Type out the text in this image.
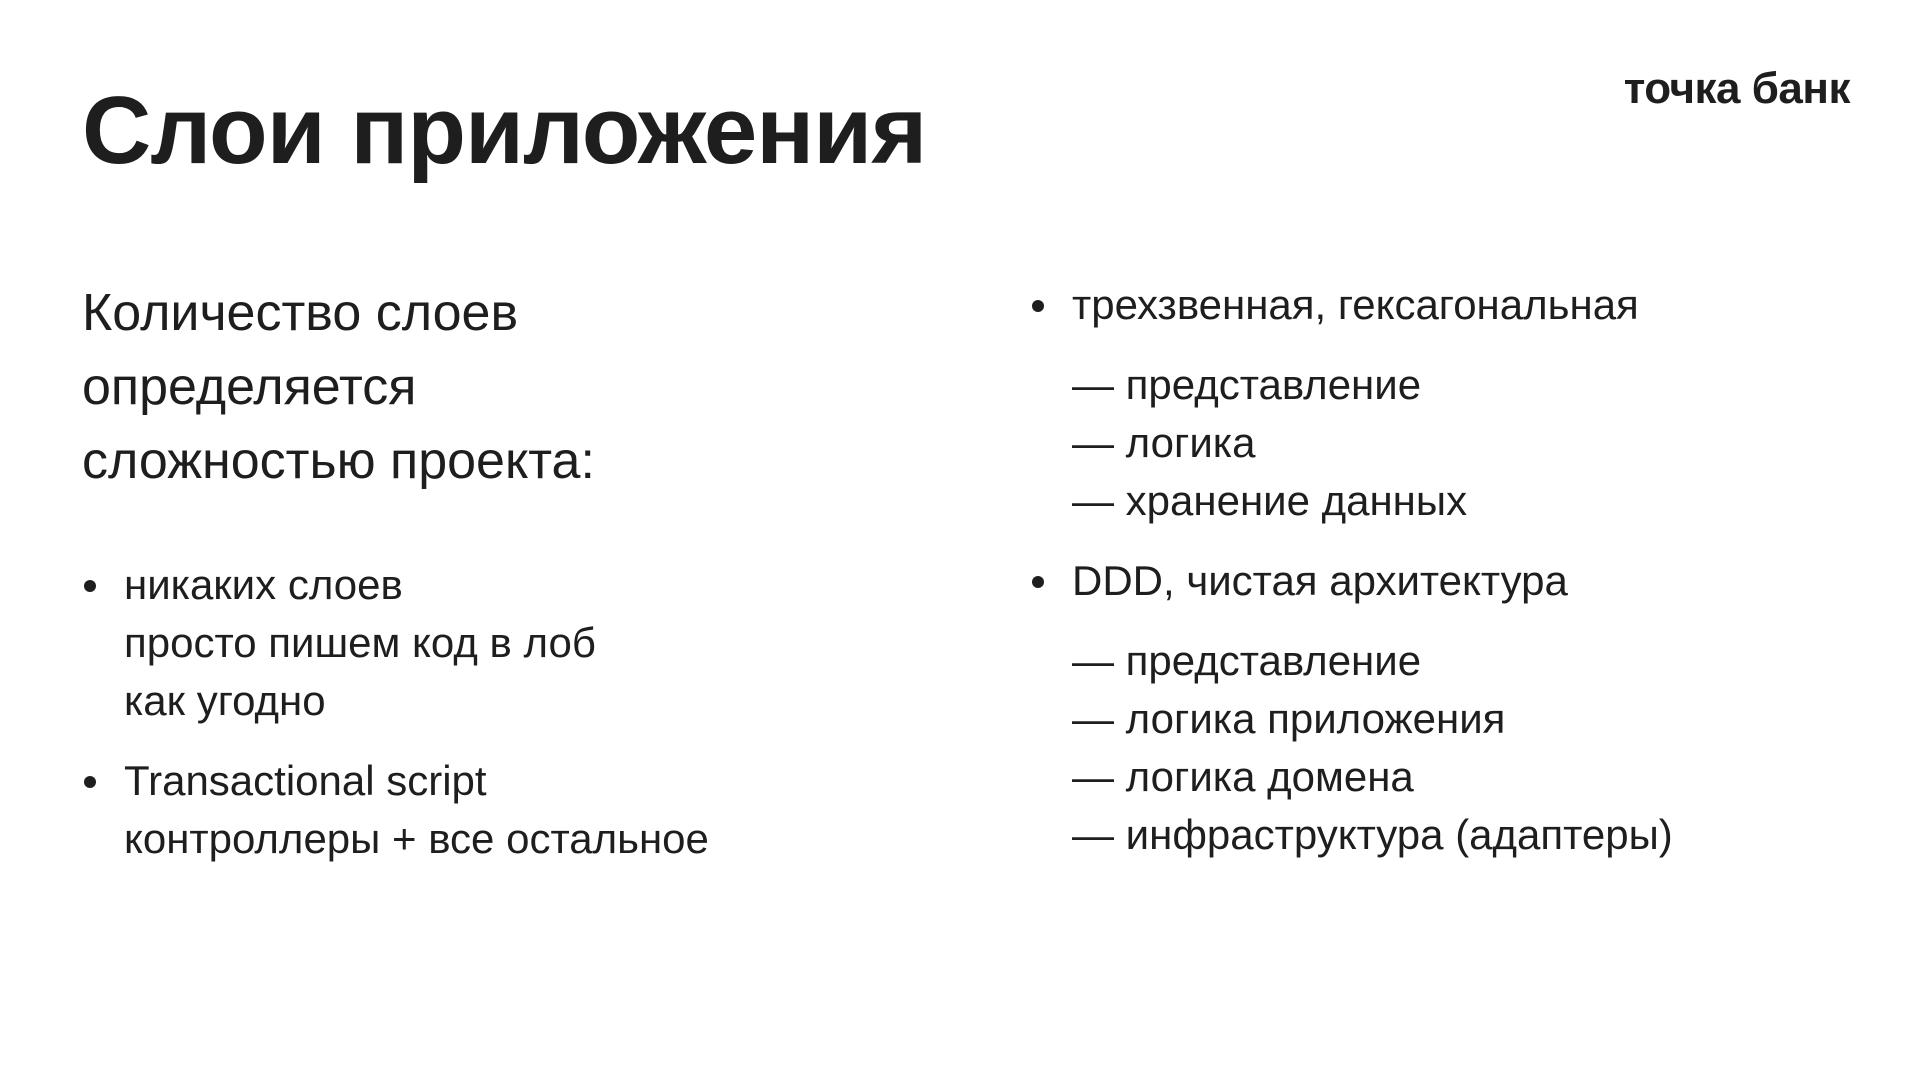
Слои приложения	точка банк

Количество слоев
определяется
сложностью проекта:

никаких слоев
просто пишем код в лоб
как угодно
Transactional script
контроллеры + все остальное
трехзвенная, гексагональная
— представление
— логика
— хранение данных
DDD, чистая архитектура
— представление
— логика приложения
— логика домена
— инфраструктура (адаптеры)
